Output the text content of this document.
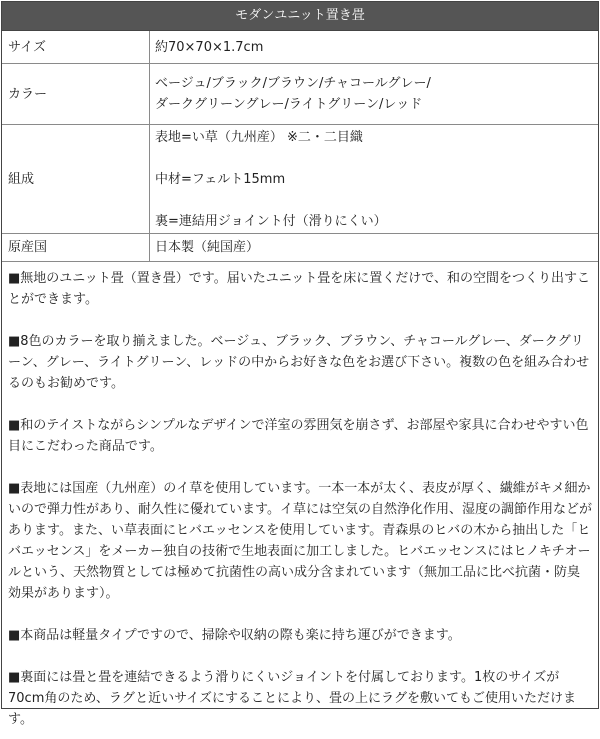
モダンユニット置き畳
サイズ	約70×70×1.7cm
カラー	ベージュ/ブラック/ブラウン/チャコールグレー/
ダークグリーングレー/ライトグリーン/レッド

組成	表地=い草（九州産） ※二・二目織
中材=フェルト15mm
裏=連結用ジョイント付（滑りにくい）

原産国	日本製（純国産）

■無地のユニット畳（置き畳）です。届いたユニット畳を床に置くだけで、和の空間をつくり出すことができます。

■8色のカラーを取り揃えました。ベージュ、ブラック、ブラウン、チャコールグレー、ダークグリーン、グレー、ライトグリーン、レッドの中からお好きな色をお選び下さい。複数の色を組み合わせるのもお勧めです。

■和のテイストながらシンプルなデザインで洋室の雰囲気を崩さず、お部屋や家具に合わせやすい色目にこだわった商品です。

■表地には国産（九州産）のイ草を使用しています。一本一本が太く、表皮が厚く、繊維がキメ細かいので弾力性があり、耐久性に優れています。イ草には空気の自然浄化作用、湿度の調節作用などがあります。また、い草表面にヒバエッセンスを使用しています。青森県のヒバの木から抽出した「ヒバエッセンス」をメーカー独自の技術で生地表面に加工しました。ヒバエッセンスにはヒノキチオールという、天然物質としては極めて抗菌性の高い成分含まれています（無加工品に比べ抗菌・防臭効果があります）。

■本商品は軽量タイプですので、掃除や収納の際も楽に持ち運びができます。

■裏面には畳と畳を連結できるよう滑りにくいジョイントを付属しております。1枚のサイズが70cm角のため、ラグと近いサイズにすることにより、畳の上にラグを敷いてもご使用いただけます。
